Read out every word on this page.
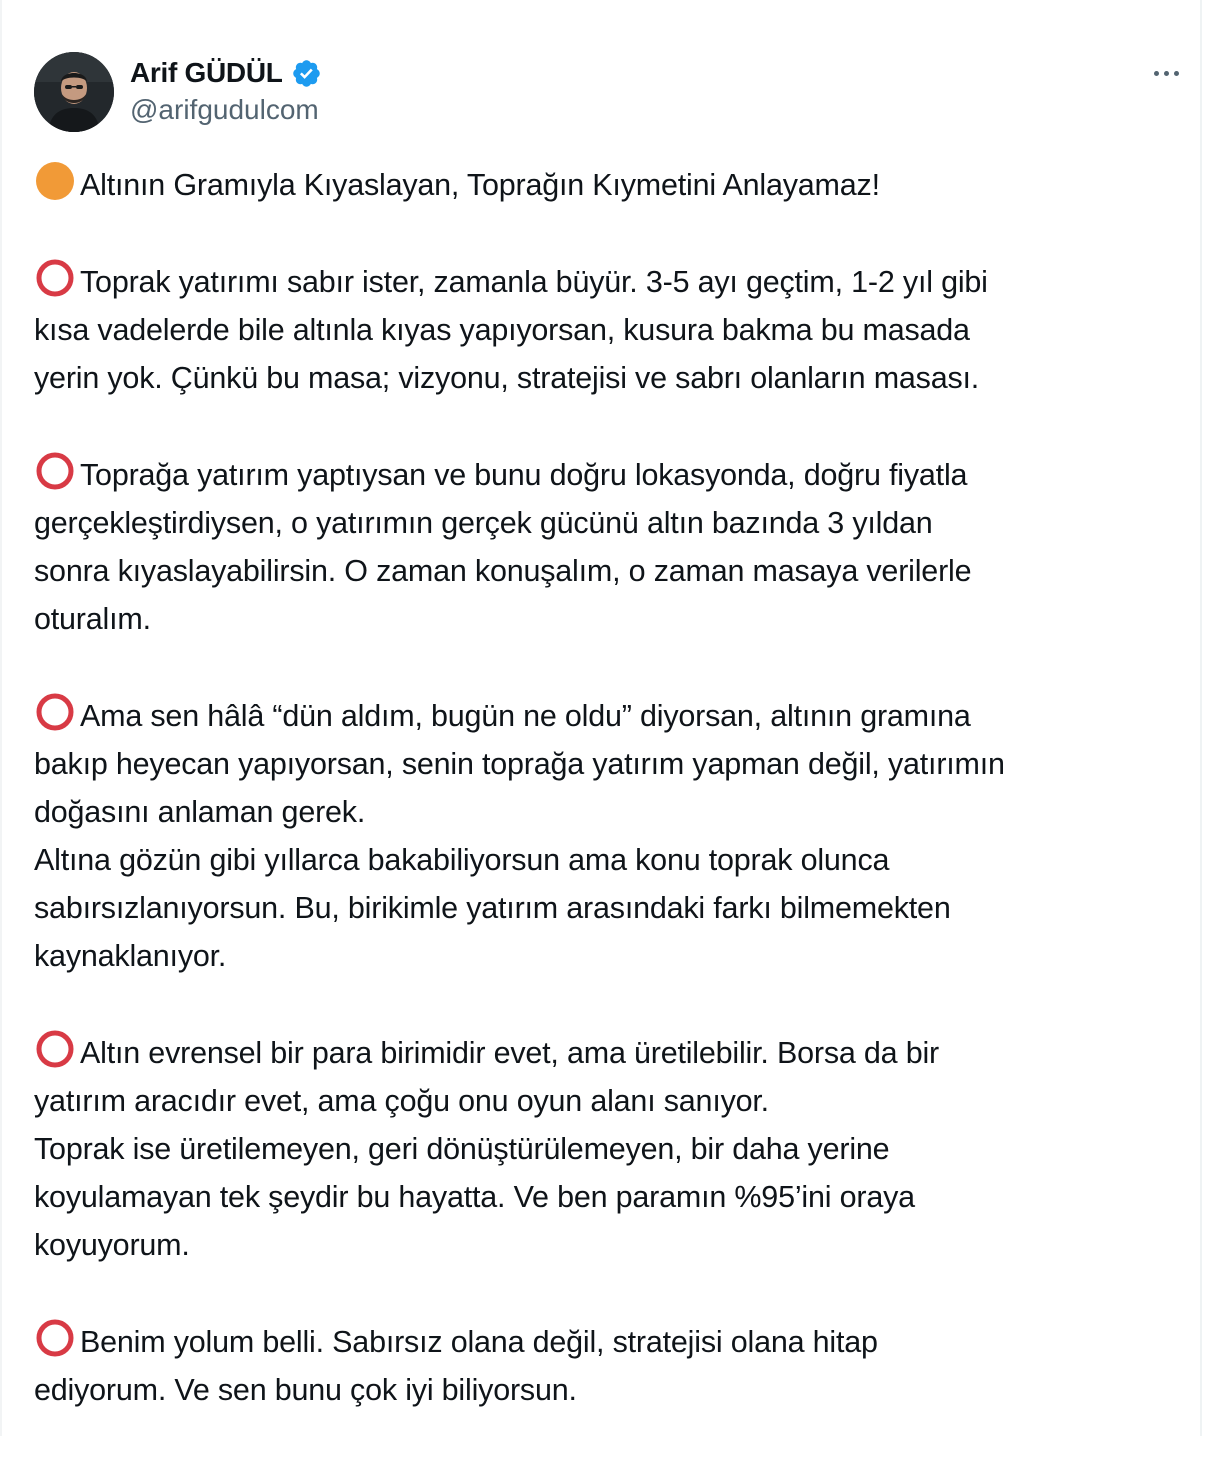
Arif GÜDÜL
@arifgudulcom
Altının Gramıyla Kıyaslayan, Toprağın Kıymetini Anlayamaz!
Toprak yatırımı sabır ister, zamanla büyür. 3-5 ayı geçtim, 1-2 yıl gibi
kısa vadelerde bile altınla kıyas yapıyorsan, kusura bakma bu masada
yerin yok. Çünkü bu masa; vizyonu, stratejisi ve sabrı olanların masası.
Toprağa yatırım yaptıysan ve bunu doğru lokasyonda, doğru fiyatla
gerçekleştirdiysen, o yatırımın gerçek gücünü altın bazında 3 yıldan
sonra kıyaslayabilirsin. O zaman konuşalım, o zaman masaya verilerle
oturalım.
Ama sen hâlâ “dün aldım, bugün ne oldu” diyorsan, altının gramına
bakıp heyecan yapıyorsan, senin toprağa yatırım yapman değil, yatırımın
doğasını anlaman gerek.
Altına gözün gibi yıllarca bakabiliyorsun ama konu toprak olunca
sabırsızlanıyorsun. Bu, birikimle yatırım arasındaki farkı bilmemekten
kaynaklanıyor.
Altın evrensel bir para birimidir evet, ama üretilebilir. Borsa da bir
yatırım aracıdır evet, ama çoğu onu oyun alanı sanıyor.
Toprak ise üretilemeyen, geri dönüştürülemeyen, bir daha yerine
koyulamayan tek şeydir bu hayatta. Ve ben paramın %95’ini oraya
koyuyorum.
Benim yolum belli. Sabırsız olana değil, stratejisi olana hitap
ediyorum. Ve sen bunu çok iyi biliyorsun.
